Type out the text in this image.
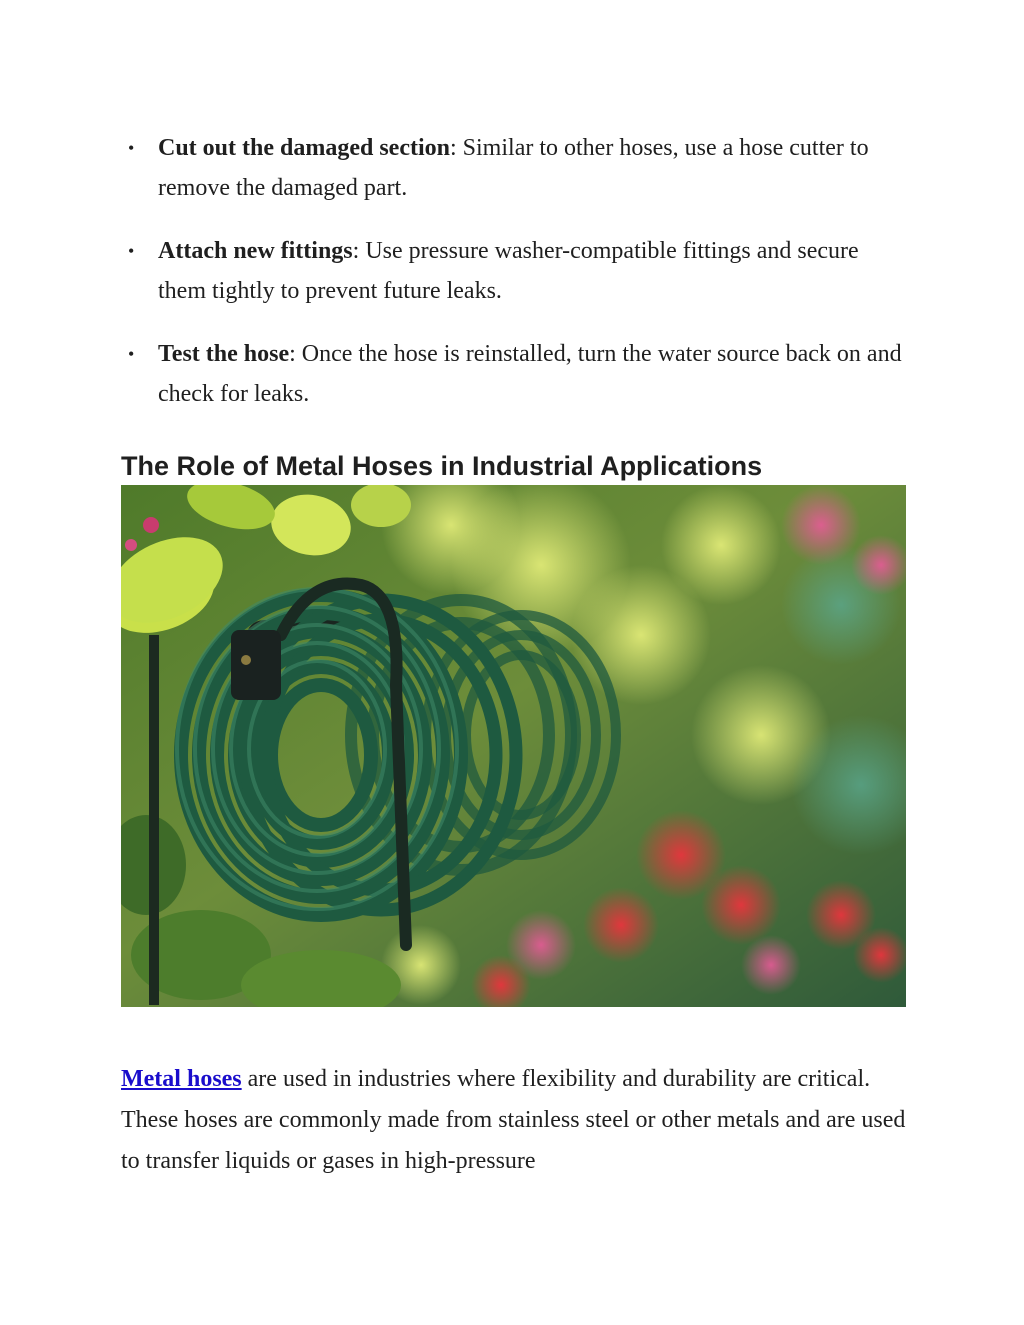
• Cut out the damaged section: Similar to other hoses, use a hose cutter to remove the damaged part.
• Attach new fittings: Use pressure washer-compatible fittings and secure them tightly to prevent future leaks.
• Test the hose: Once the hose is reinstalled, turn the water source back on and check for leaks.
The Role of Metal Hoses in Industrial Applications

Metal hoses are used in industries where flexibility and durability are critical. These hoses are commonly made from stainless steel or other metals and are used to transfer liquids or gases in high-pressure
